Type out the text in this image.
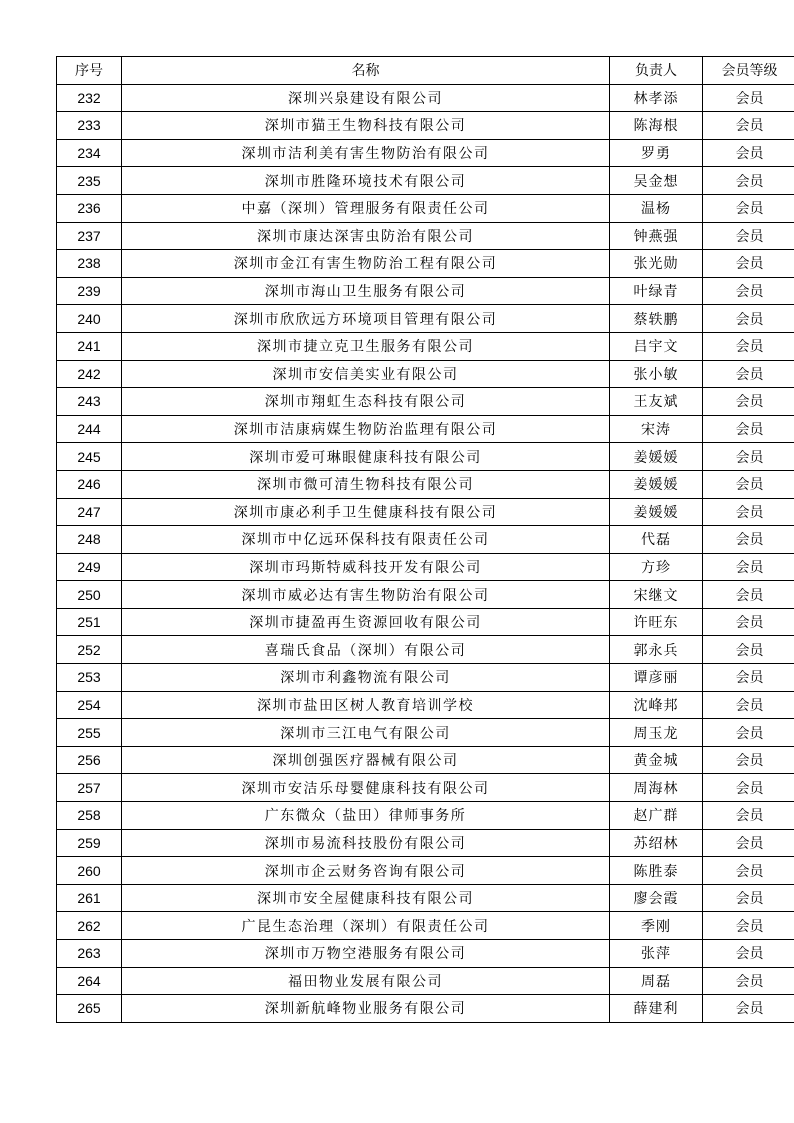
序号	名称	负责人	会员等级
232	深圳兴泉建设有限公司	林孝添	会员
233	深圳市猫王生物科技有限公司	陈海根	会员
234	深圳市洁利美有害生物防治有限公司	罗勇	会员
235	深圳市胜隆环境技术有限公司	吴金想	会员
236	中嘉（深圳）管理服务有限责任公司	温杨	会员
237	深圳市康达深害虫防治有限公司	钟燕强	会员
238	深圳市金江有害生物防治工程有限公司	张光勋	会员
239	深圳市海山卫生服务有限公司	叶绿青	会员
240	深圳市欣欣远方环境项目管理有限公司	蔡轶鹏	会员
241	深圳市捷立克卫生服务有限公司	吕宇文	会员
242	深圳市安信美实业有限公司	张小敏	会员
243	深圳市翔虹生态科技有限公司	王友斌	会员
244	深圳市洁康病媒生物防治监理有限公司	宋涛	会员
245	深圳市爱可琳眼健康科技有限公司	姜媛媛	会员
246	深圳市微可清生物科技有限公司	姜媛媛	会员
247	深圳市康必利手卫生健康科技有限公司	姜媛媛	会员
248	深圳市中亿远环保科技有限责任公司	代磊	会员
249	深圳市玛斯特威科技开发有限公司	方珍	会员
250	深圳市威必达有害生物防治有限公司	宋继文	会员
251	深圳市捷盈再生资源回收有限公司	许旺东	会员
252	喜瑞氏食品（深圳）有限公司	郭永兵	会员
253	深圳市利鑫物流有限公司	谭彦丽	会员
254	深圳市盐田区树人教育培训学校	沈峰邦	会员
255	深圳市三江电气有限公司	周玉龙	会员
256	深圳创强医疗器械有限公司	黄金城	会员
257	深圳市安洁乐母婴健康科技有限公司	周海林	会员
258	广东微众（盐田）律师事务所	赵广群	会员
259	深圳市易流科技股份有限公司	苏绍林	会员
260	深圳市企云财务咨询有限公司	陈胜泰	会员
261	深圳市安全屋健康科技有限公司	廖会霞	会员
262	广昆生态治理（深圳）有限责任公司	季刚	会员
263	深圳市万物空港服务有限公司	张萍	会员
264	福田物业发展有限公司	周磊	会员
265	深圳新航峰物业服务有限公司	薛建利	会员
